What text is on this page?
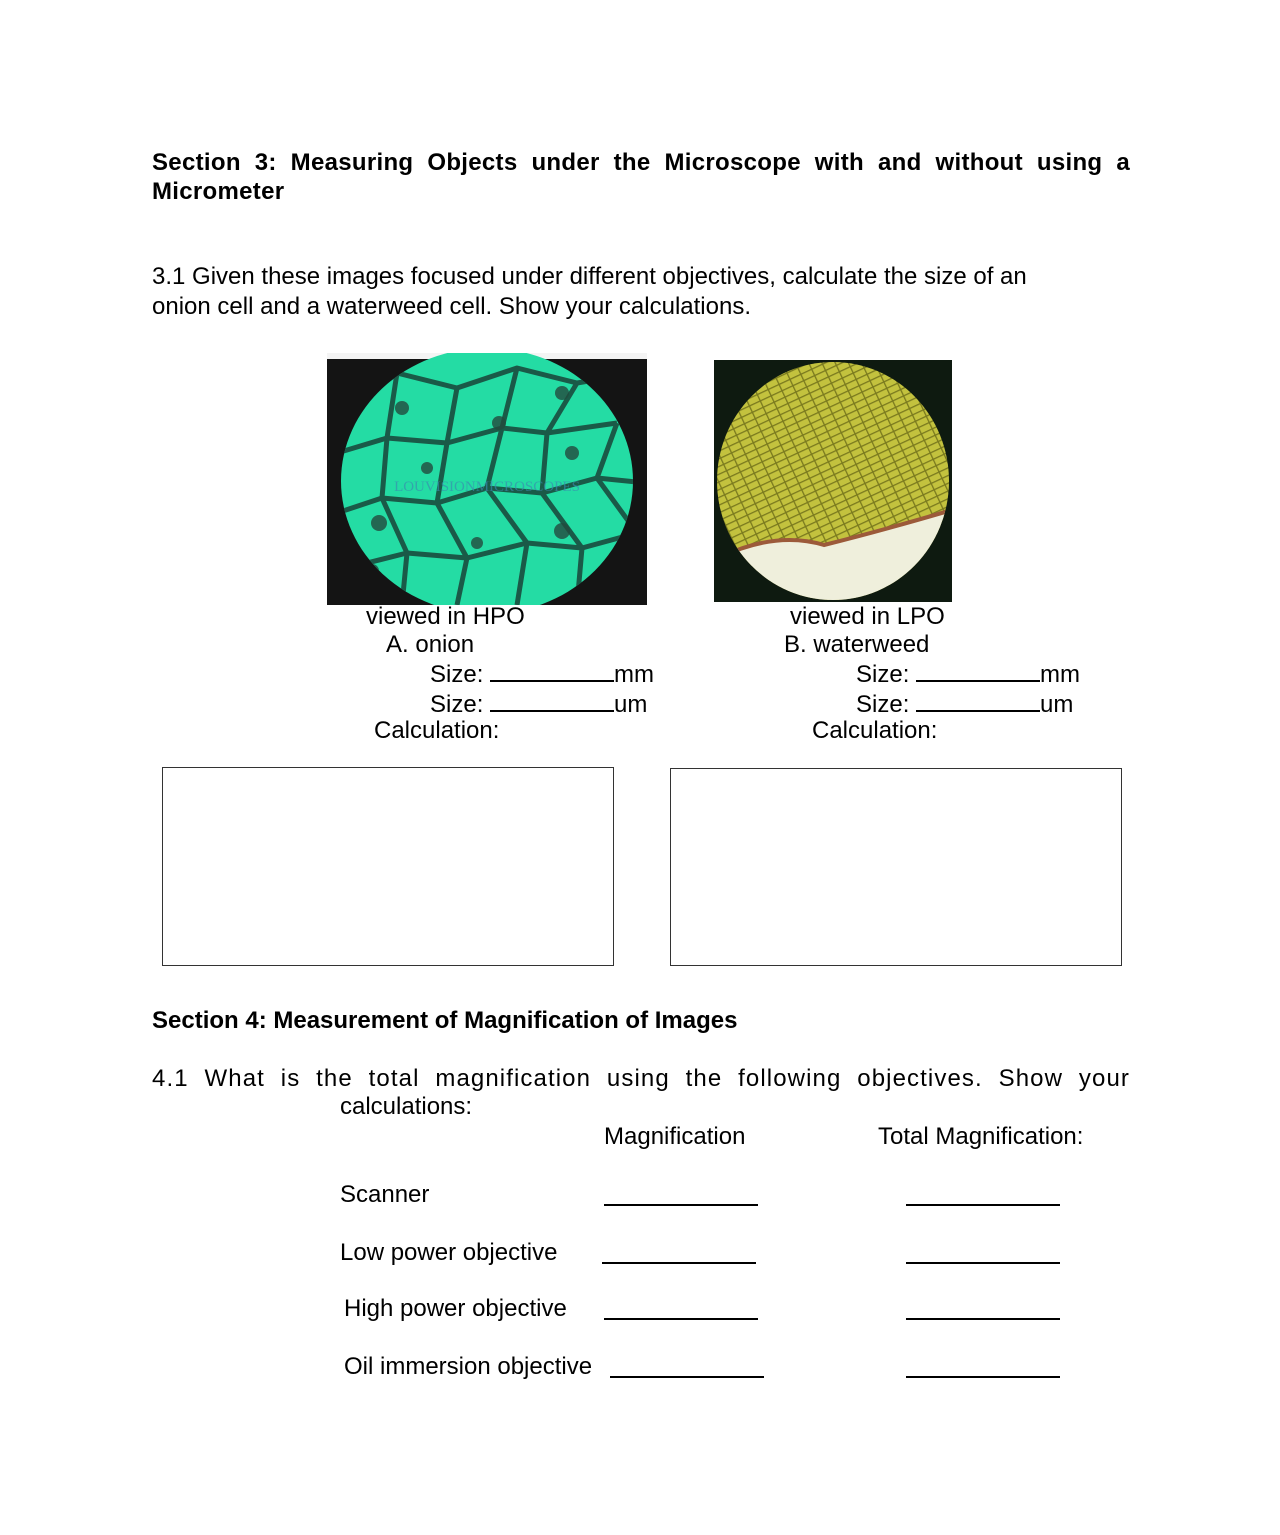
Section 3: Measuring Objects under the Microscope with and without using a Micrometer
3.1 Given these images focused under different objectives, calculate the size of an
onion cell and a waterweed cell. Show your calculations.
LOUVISIONMICROSCOPES
viewed in HPO
A. onion
Size:	mm
Size:	um
Calculation:
viewed in LPO
B. waterweed
Size:	mm
Size:	um
Calculation:
Section 4: Measurement of Magnification of Images
4.1 What is the total magnification using the following objectives. Show your
calculations:
Magnification	Total Magnification:
Scanner
Low power objective
High power objective
Oil immersion objective
